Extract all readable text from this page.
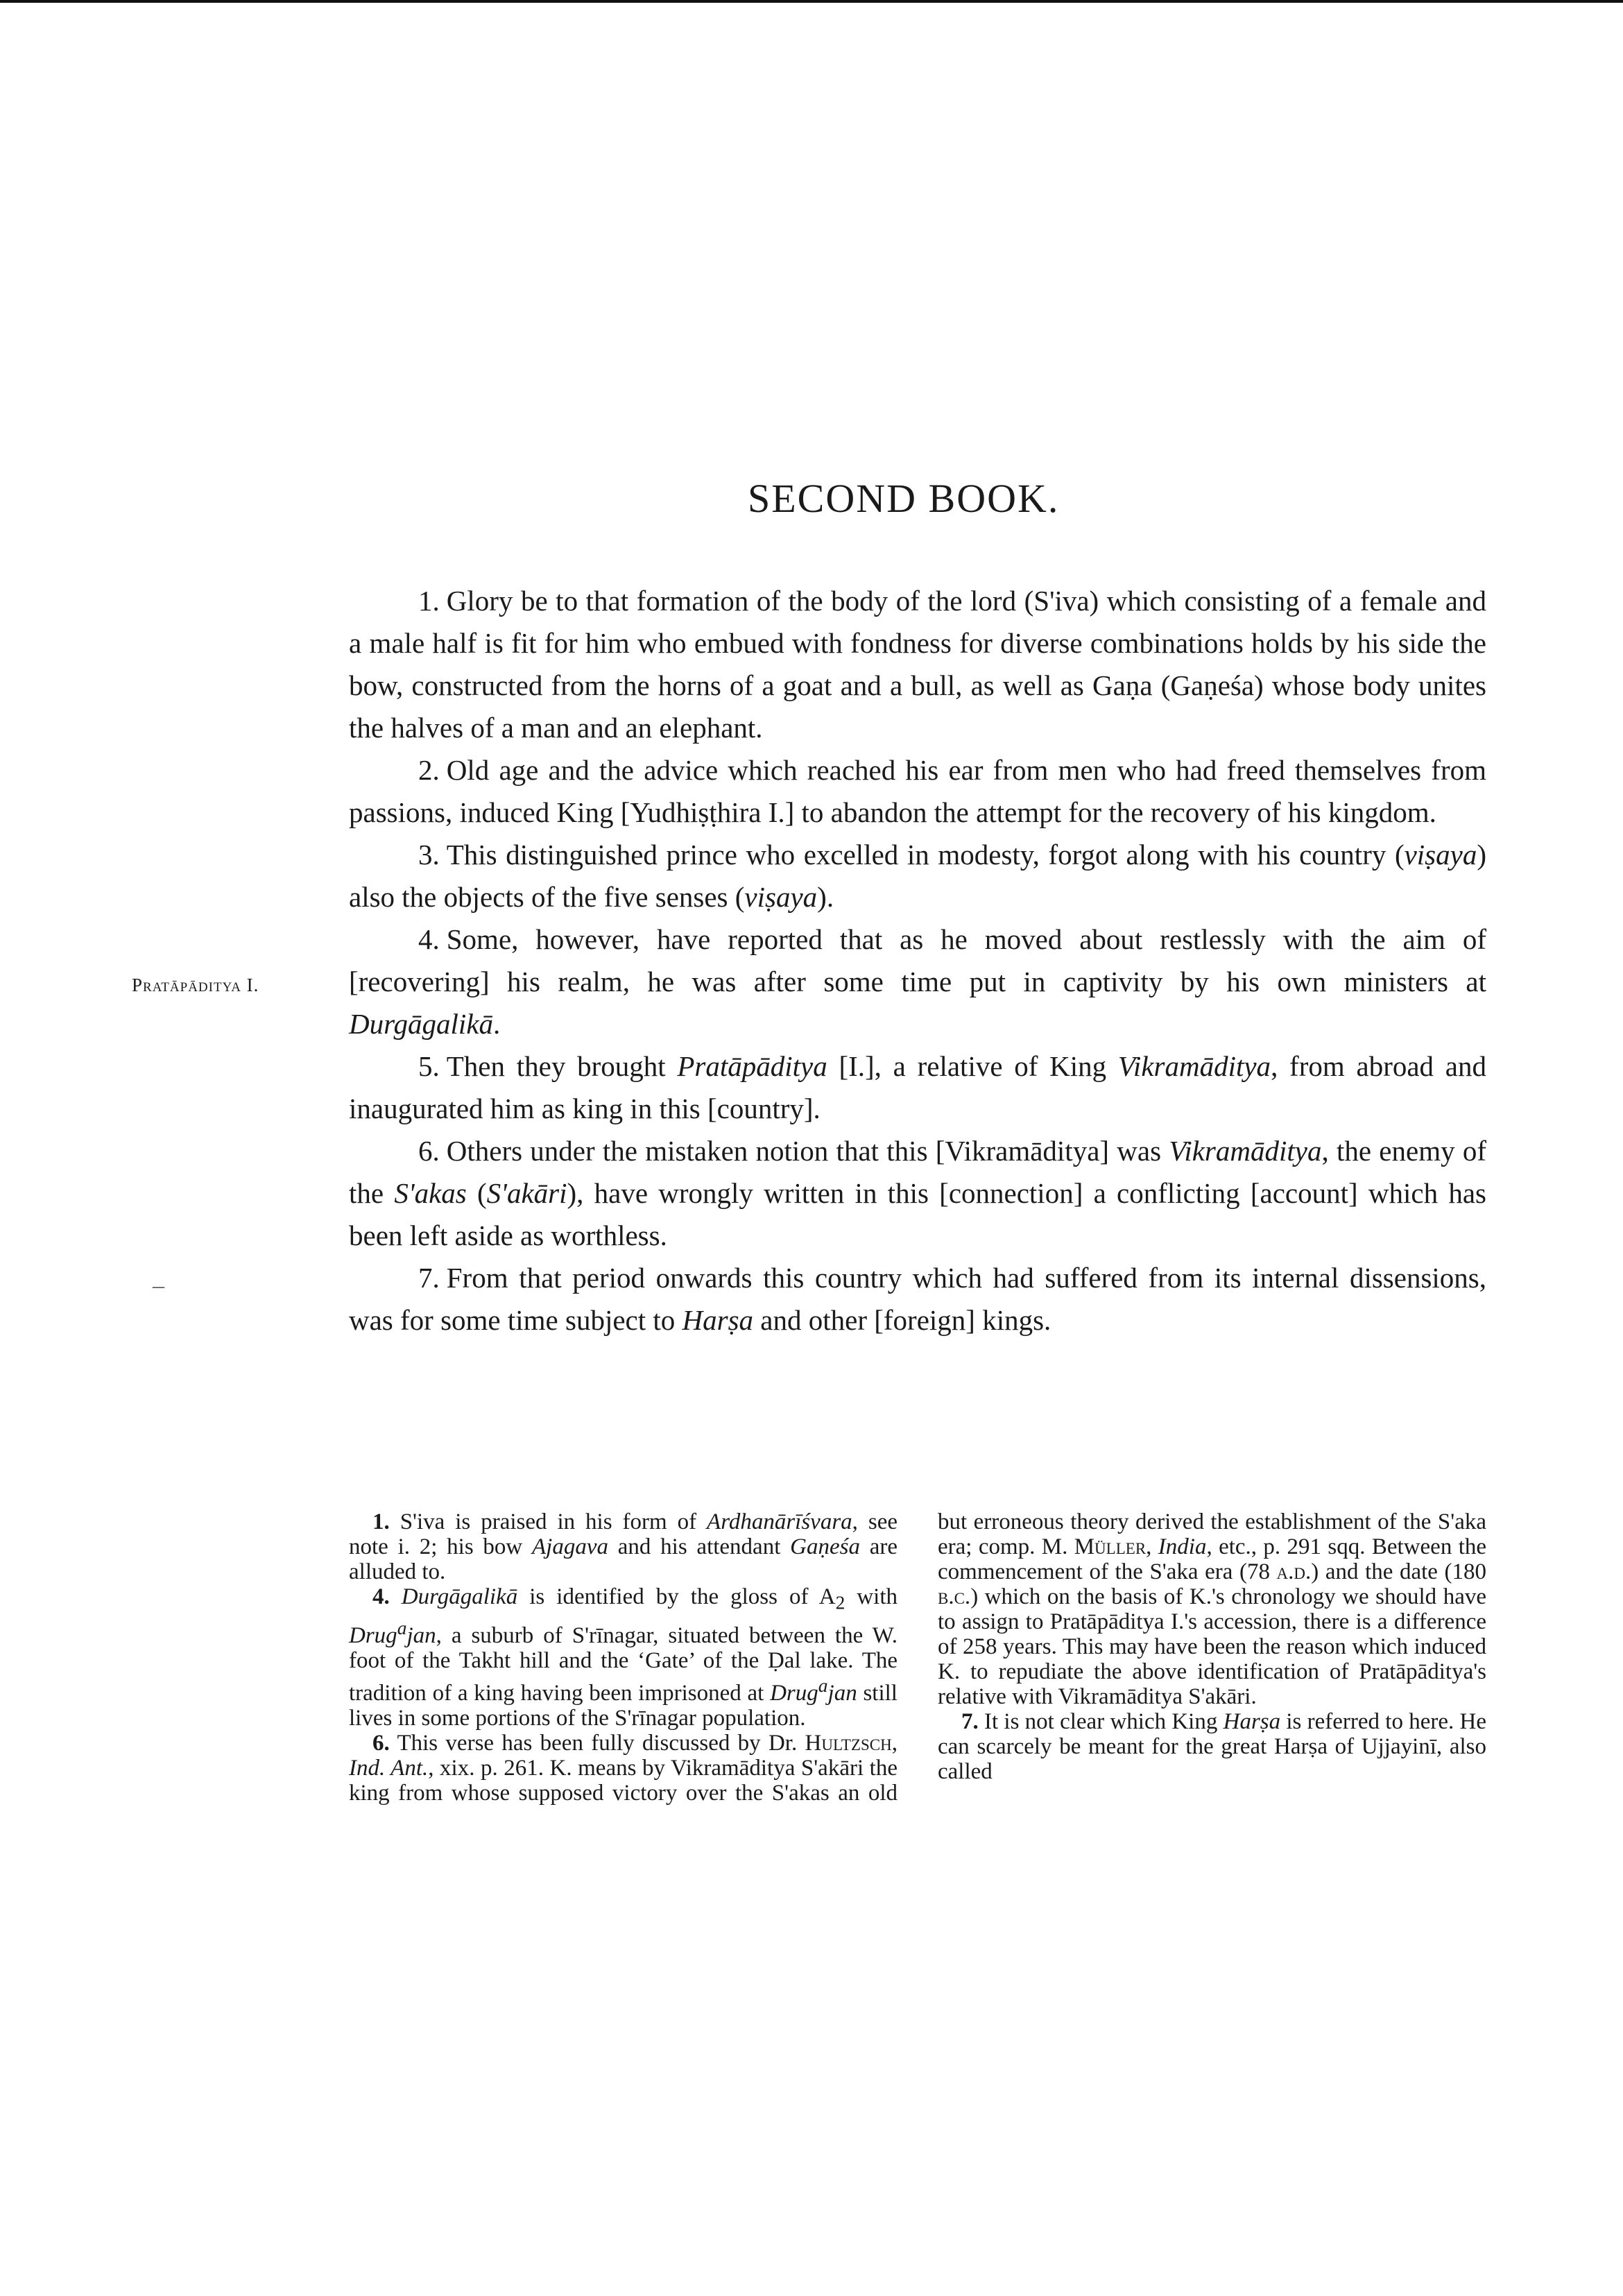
SECOND BOOK.
Pratāpāditya I.
–

1. Glory be to that formation of the body of the lord (S'iva) which consisting of a female and a male half is fit for him who embued with fondness for diverse combinations holds by his side the bow, constructed from the horns of a goat and a bull, as well as Gaṇa (Gaṇeśa) whose body unites the halves of a man and an elephant.

2. Old age and the advice which reached his ear from men who had freed themselves from passions, induced King [Yudhiṣṭhira I.] to abandon the attempt for the recovery of his kingdom.

3. This distinguished prince who excelled in modesty, forgot along with his country (viṣaya) also the objects of the five senses (viṣaya).

4. Some, however, have reported that as he moved about restlessly with the aim of [recovering] his realm, he was after some time put in captivity by his own ministers at Durgāgalikā.

5. Then they brought Pratāpāditya [I.], a relative of King Vikramāditya, from abroad and inaugurated him as king in this [country].

6. Others under the mistaken notion that this [Vikramāditya] was Vikramāditya, the enemy of the S'akas (S'akāri), have wrongly written in this [connection] a conflicting [account] which has been left aside as worthless.

7. From that period onwards this country which had suffered from its internal dissensions, was for some time subject to Harṣa and other [foreign] kings.

1. S'iva is praised in his form of Ardhanārīśvara, see note i. 2; his bow Ajagava and his attendant Gaṇeśa are alluded to.

4. Durgāgalikā is identified by the gloss of $A_2$ with Drug$^a$jan, a suburb of S'rīnagar, situated between the W. foot of the Takht hill and the ‘Gate’ of the Ḍal lake. The tradition of a king having been imprisoned at Drug$^a$jan still lives in some portions of the S'rīnagar population.

6. This verse has been fully discussed by Dr. Hultzsch, Ind. Ant., xix. p. 261. K. means by Vikramāditya S'akāri the king from whose supposed victory over the S'akas an old but erroneous theory derived the establishment of the S'aka era; comp. M. Müller, India, etc., p. 291 sqq. Between the commencement of the S'aka era (78 a.d.) and the date (180 b.c.) which on the basis of K.'s chronology we should have to assign to Pratāpāditya I.'s accession, there is a difference of 258 years. This may have been the reason which induced K. to repudiate the above identification of Pratāpāditya's relative with Vikramāditya S'akāri.

7. It is not clear which King Harṣa is referred to here. He can scarcely be meant for the great Harṣa of Ujjayinī, also called
